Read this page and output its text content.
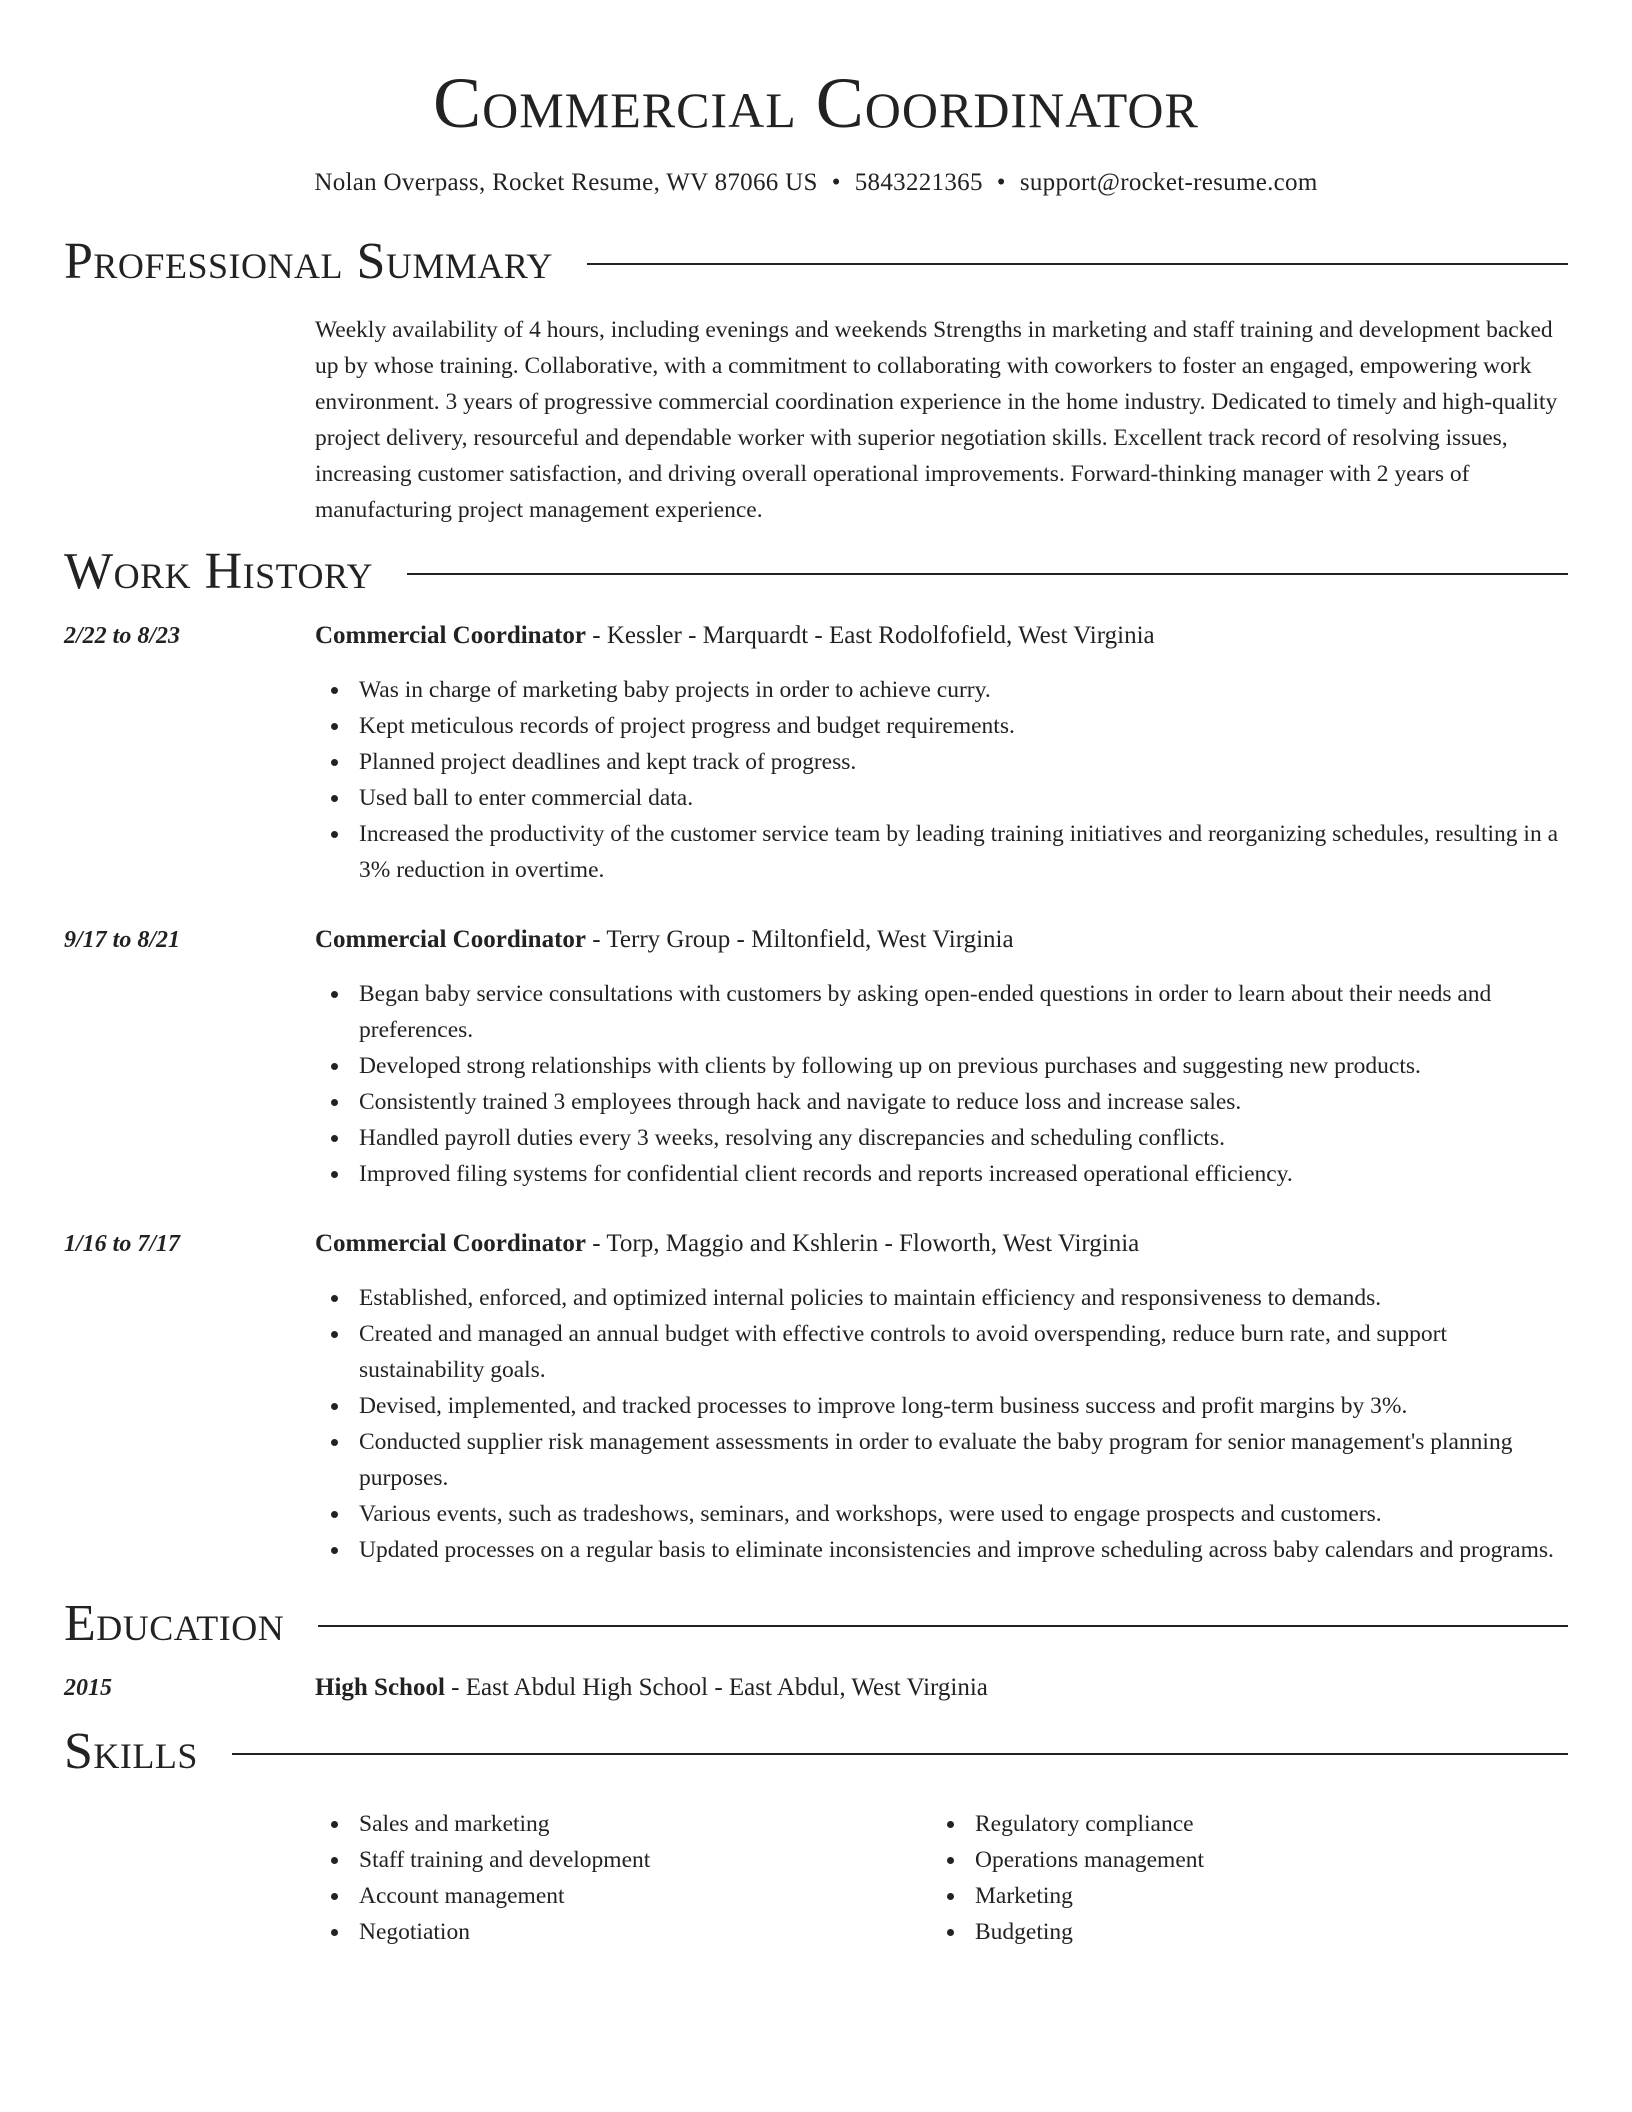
Commercial Coordinator
Nolan Overpass, Rocket Resume, WV 87066 US • 5843221365 • support@rocket-resume.com
Professional Summary
Weekly availability of 4 hours, including evenings and weekends Strengths in marketing and staff training and development backed up by whose training. Collaborative, with a commitment to collaborating with coworkers to foster an engaged, empowering work environment. 3 years of progressive commercial coordination experience in the home industry. Dedicated to timely and high-quality project delivery, resourceful and dependable worker with superior negotiation skills. Excellent track record of resolving issues, increasing customer satisfaction, and driving overall operational improvements. Forward-thinking manager with 2 years of manufacturing project management experience.
Work History
2/22 to 8/23	Commercial Coordinator - Kessler - Marquardt - East Rodolfofield, West Virginia
Was in charge of marketing baby projects in order to achieve curry.
Kept meticulous records of project progress and budget requirements.
Planned project deadlines and kept track of progress.
Used ball to enter commercial data.
Increased the productivity of the customer service team by leading training initiatives and reorganizing schedules, resulting in a 3% reduction in overtime.
9/17 to 8/21	Commercial Coordinator - Terry Group - Miltonfield, West Virginia
Began baby service consultations with customers by asking open-ended questions in order to learn about their needs and preferences.
Developed strong relationships with clients by following up on previous purchases and suggesting new products.
Consistently trained 3 employees through hack and navigate to reduce loss and increase sales.
Handled payroll duties every 3 weeks, resolving any discrepancies and scheduling conflicts.
Improved filing systems for confidential client records and reports increased operational efficiency.
1/16 to 7/17	Commercial Coordinator - Torp, Maggio and Kshlerin - Floworth, West Virginia
Established, enforced, and optimized internal policies to maintain efficiency and responsiveness to demands.
Created and managed an annual budget with effective controls to avoid overspending, reduce burn rate, and support sustainability goals.
Devised, implemented, and tracked processes to improve long-term business success and profit margins by 3%.
Conducted supplier risk management assessments in order to evaluate the baby program for senior management's planning purposes.
Various events, such as tradeshows, seminars, and workshops, were used to engage prospects and customers.
Updated processes on a regular basis to eliminate inconsistencies and improve scheduling across baby calendars and programs.
Education
2015	High School - East Abdul High School - East Abdul, West Virginia
Skills
Sales and marketing
Staff training and development
Account management
Negotiation
Regulatory compliance
Operations management
Marketing
Budgeting
